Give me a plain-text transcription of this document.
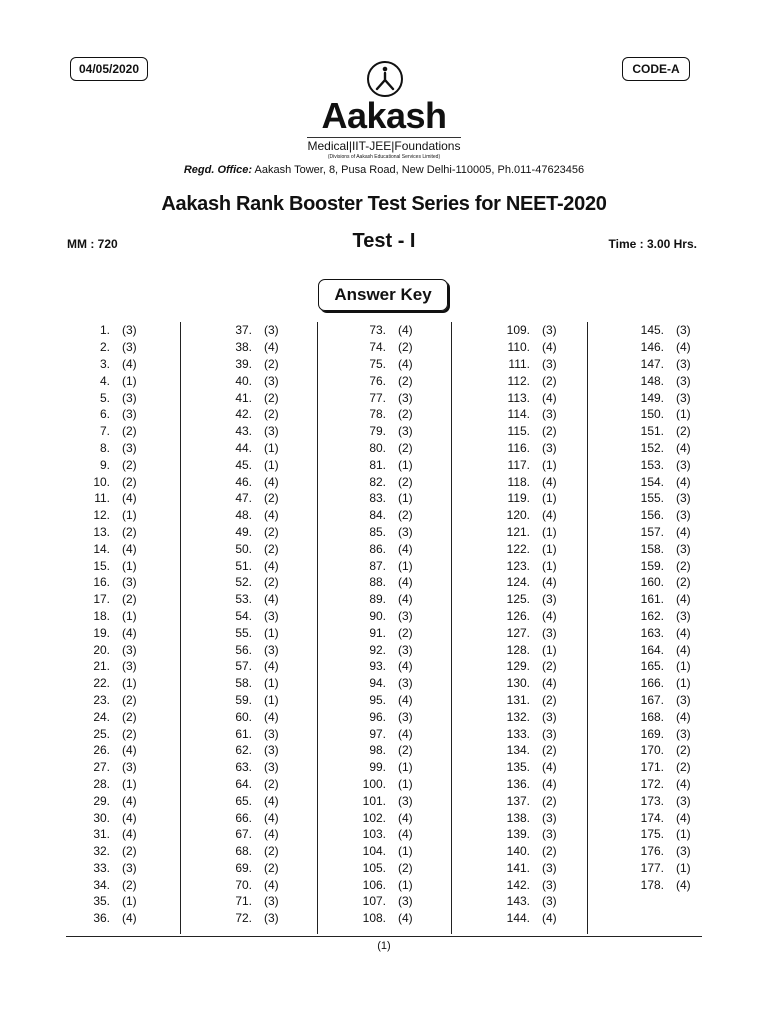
04/05/2020	CODE-A
Aakash
Medical|IIT-JEE|Foundations
(Divisions of Aakash Educational Services Limited)
Regd. Office: Aakash Tower, 8, Pusa Road, New Delhi-110005, Ph.011-47623456
Aakash Rank Booster Test Series for NEET-2020
MM : 720	Test - I	Time : 3.00 Hrs.
Answer Key
1. (3)
2. (3)
3. (4)
4. (1)
5. (3)
6. (3)
7. (2)
8. (3)
9. (2)
10. (2)
11. (4)
12. (1)
13. (2)
14. (4)
15. (1)
16. (3)
17. (2)
18. (1)
19. (4)
20. (3)
21. (3)
22. (1)
23. (2)
24. (2)
25. (2)
26. (4)
27. (3)
28. (1)
29. (4)
30. (4)
31. (4)
32. (2)
33. (3)
34. (2)
35. (1)
36. (4)
37. (3)
38. (4)
39. (2)
40. (3)
41. (2)
42. (2)
43. (3)
44. (1)
45. (1)
46. (4)
47. (2)
48. (4)
49. (2)
50. (2)
51. (4)
52. (2)
53. (4)
54. (3)
55. (1)
56. (3)
57. (4)
58. (1)
59. (1)
60. (4)
61. (3)
62. (3)
63. (3)
64. (2)
65. (4)
66. (4)
67. (4)
68. (2)
69. (2)
70. (4)
71. (3)
72. (3)
73. (4)
74. (2)
75. (4)
76. (2)
77. (3)
78. (2)
79. (3)
80. (2)
81. (1)
82. (2)
83. (1)
84. (2)
85. (3)
86. (4)
87. (1)
88. (4)
89. (4)
90. (3)
91. (2)
92. (3)
93. (4)
94. (3)
95. (4)
96. (3)
97. (4)
98. (2)
99. (1)
100. (1)
101. (3)
102. (4)
103. (4)
104. (1)
105. (2)
106. (1)
107. (3)
108. (4)
109. (3)
110. (4)
111. (3)
112. (2)
113. (4)
114. (3)
115. (2)
116. (3)
117. (1)
118. (4)
119. (1)
120. (4)
121. (1)
122. (1)
123. (1)
124. (4)
125. (3)
126. (4)
127. (3)
128. (1)
129. (2)
130. (4)
131. (2)
132. (3)
133. (3)
134. (2)
135. (4)
136. (4)
137. (2)
138. (3)
139. (3)
140. (2)
141. (3)
142. (3)
143. (3)
144. (4)
145. (3)
146. (4)
147. (3)
148. (3)
149. (3)
150. (1)
151. (2)
152. (4)
153. (3)
154. (4)
155. (3)
156. (3)
157. (4)
158. (3)
159. (2)
160. (2)
161. (4)
162. (3)
163. (4)
164. (4)
165. (1)
166. (1)
167. (3)
168. (4)
169. (3)
170. (2)
171. (2)
172. (4)
173. (3)
174. (4)
175. (1)
176. (3)
177. (1)
178. (4)
(1)
